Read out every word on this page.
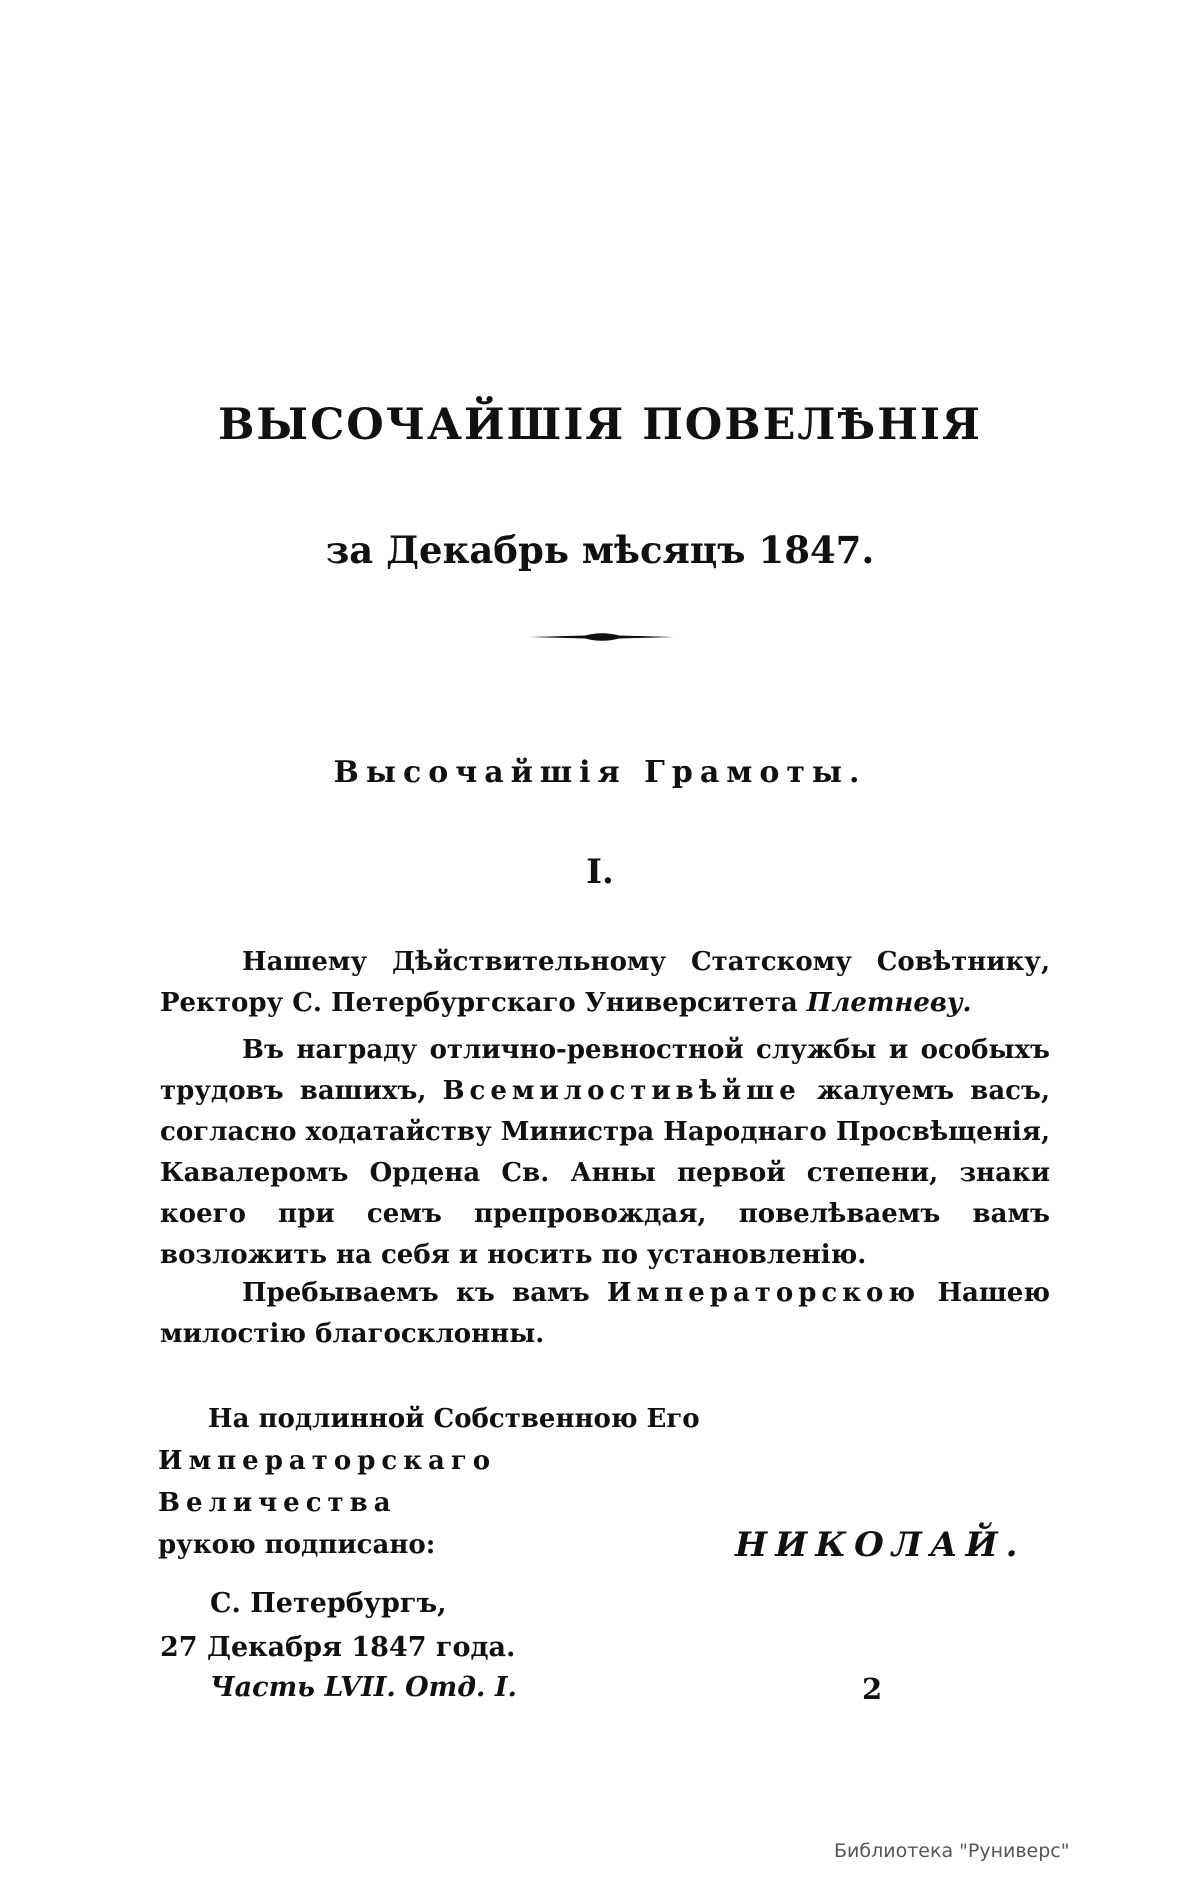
ВЫСОЧАЙШІЯ ПОВЕЛѢНІЯ
за Декабрь мѣсяцъ 1847.
Высочайшія Грамоты.
I.
Нашему Дѣйствительному Статскому Совѣтнику, Ректору С. Петербургскаго Университета Плетневу.
Въ награду отлично-ревностной службы и особыхъ трудовъ вашихъ, Всемилостивѣйше жалуемъ васъ, согласно ходатайству Министра Народнаго Просвѣщенія, Кавалеромъ Ордена Св. Анны первой степени, знаки коего при семъ препровождая, повелѣваемъ вамъ возложить на себя и носить по установленію.
Пребываемъ къ вамъ Императорскою Нашею милостію благосклонны.
На подлинной Собственною Его
Императорскаго Величества
рукою подписано:	НИКОЛАЙ.
С. Петербургъ,
27 Декабря 1847 года.
Часть LVII. Отд. I.	2
Библиотека "Руниверс"
